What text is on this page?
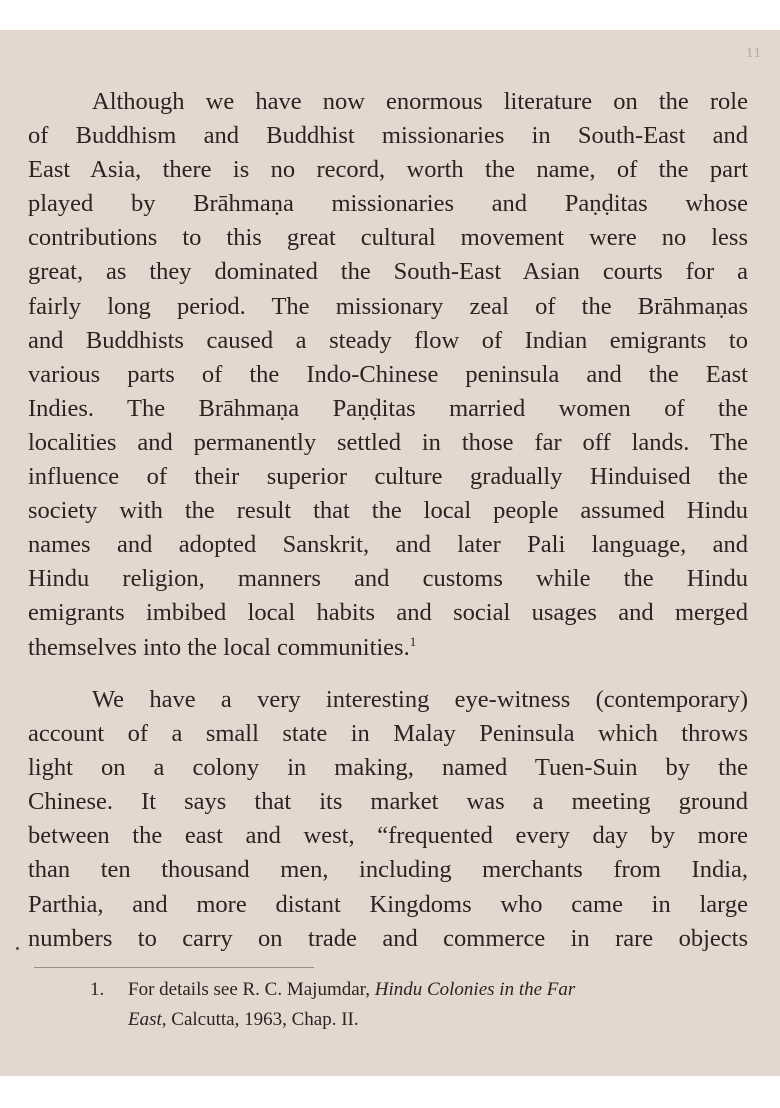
11
Although we have now enormous literature on the role
of Buddhism and Buddhist missionaries in South-East and
East Asia, there is no record, worth the name, of the part
played by Brāhmaṇa missionaries and Paṇḍitas whose
contributions to this great cultural movement were no less
great, as they dominated the South-East Asian courts for a
fairly long period. The missionary zeal of the Brāhmaṇas
and Buddhists caused a steady flow of Indian emigrants to
various parts of the Indo-Chinese peninsula and the East
Indies. The Brāhmaṇa Paṇḍitas married women of the
localities and permanently settled in those far off lands. The
influence of their superior culture gradually Hinduised the
society with the result that the local people assumed Hindu
names and adopted Sanskrit, and later Pali language, and
Hindu religion, manners and customs while the Hindu
emigrants imbibed local habits and social usages and merged
themselves into the local communities.$^1$
We have a very interesting eye-witness (contemporary)
account of a small state in Malay Peninsula which throws
light on a colony in making, named Tuen-Suin by the
Chinese. It says that its market was a meeting ground
between the east and west, “frequented every day by more
than ten thousand men, including merchants from India,
Parthia, and more distant Kingdoms who came in large
numbers to carry on trade and commerce in rare objects
1. For details see R. C. Majumdar, Hindu Colonies in the Far
East, Calcutta, 1963, Chap. II.
